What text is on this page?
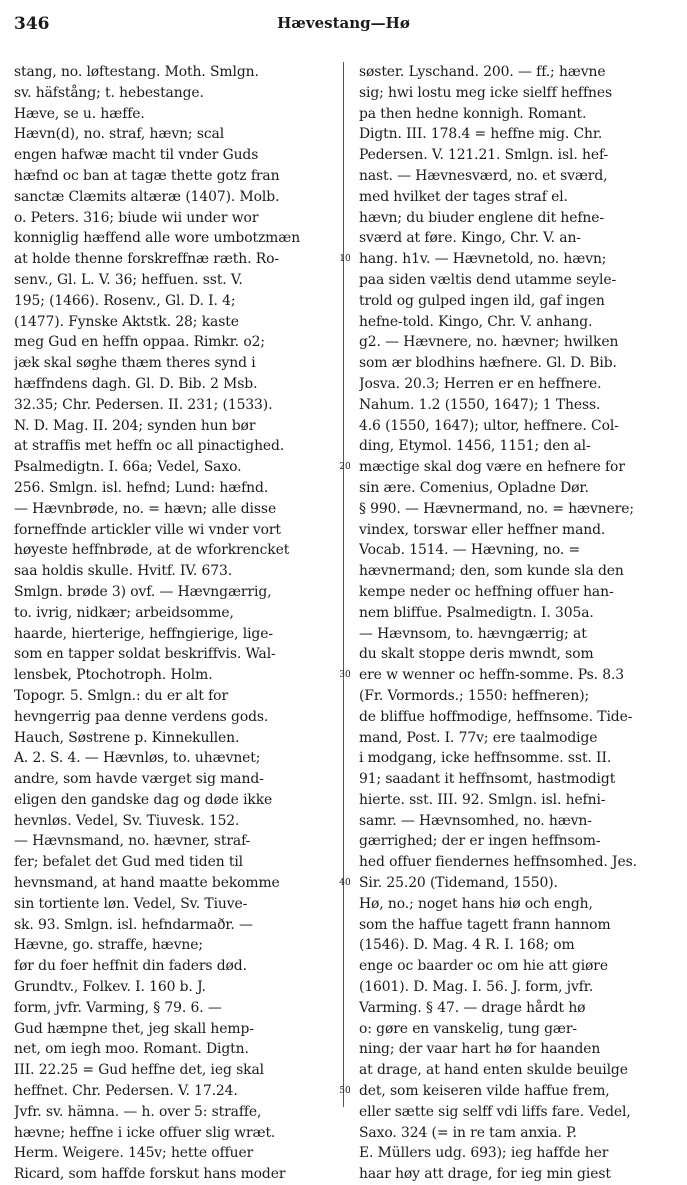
346	Hævestang—Hø
stang, no. løftestang. Moth. Smlgn.
sv. häfstång; t. hebestange.
Hæve, se u. hæffe.
Hævn(d), no. straf, hævn; scal
engen hafwæ macht til vnder Guds
hæfnd oc ban at tagæ thette gotz fran
sanctæ Clæmits altæræ (1407). Molb.
o. Peters. 316; biude wii under wor
konniglig hæffend alle wore umbotzmæn
at holde thenne forskreffnæ ræth. Ro-
senv., Gl. L. V. 36; heffuen. sst. V.
195; (1466). Rosenv., Gl. D. I. 4;
(1477). Fynske Aktstk. 28; kaste
meg Gud en heffn oppaa. Rimkr. o2;
jæk skal søghe thæm theres synd i
hæffndens dagh. Gl. D. Bib. 2 Msb.
32.35; Chr. Pedersen. II. 231; (1533).
N. D. Mag. II. 204; synden hun bør
at straffis met heffn oc all pinactighed.
Psalmedigtn. I. 66a; Vedel, Saxo.
256. Smlgn. isl. hefnd; Lund: hæfnd.
— Hævnbrøde, no. = hævn; alle disse
forneffnde artickler ville wi vnder vort
høyeste heffnbrøde, at de wforkrencket
saa holdis skulle. Hvitf. IV. 673.
Smlgn. brøde 3) ovf. — Hævngærrig,
to. ivrig, nidkær; arbeidsomme,
haarde, hierterige, heffngierige, lige-
som en tapper soldat beskriffvis. Wal-
lensbek, Ptochotroph. Holm.
Topogr. 5. Smlgn.: du er alt for
hevngerrig paa denne verdens gods.
Hauch, Søstrene p. Kinnekullen.
A. 2. S. 4. — Hævnløs, to. uhævnet;
andre, som havde værget sig mand-
eligen den gandske dag og døde ikke
hevnløs. Vedel, Sv. Tiuvesk. 152.
— Hævnsmand, no. hævner, straf-
fer; befalet det Gud med tiden til
hevnsmand, at hand maatte bekomme
sin tortiente løn. Vedel, Sv. Tiuve-
sk. 93. Smlgn. isl. hefndarmaðr. —
Hævne, go. straffe, hævne;
før du foer heffnit din faders død.
Grundtv., Folkev. I. 160 b. J.
form, jvfr. Varming, § 79. 6. —
Gud hæmpne thet, jeg skall hemp-
net, om iegh moo. Romant. Digtn.
III. 22.25 = Gud heffne det, ieg skal
heffnet. Chr. Pedersen. V. 17.24.
Jvfr. sv. hämna. — h. over 5: straffe,
hævne; heffne i icke offuer slig wræt.
Herm. Weigere. 145v; hette offuer
Ricard, som haffde forskut hans moder
søster. Lyschand. 200. — ff.; hævne
sig; hwi lostu meg icke sielff heffnes
pa then hedne konnigh. Romant.
Digtn. III. 178.4 = heffne mig. Chr.
Pedersen. V. 121.21. Smlgn. isl. hef-
nast. — Hævnesværd, no. et sværd,
med hvilket der tages straf el.
hævn; du biuder englene dit hefne-
sværd at føre. Kingo, Chr. V. an-
hang. h1v. — Hævnetold, no. hævn;
paa siden væltis dend utamme seyle-
trold og gulped ingen ild, gaf ingen
hefne-told. Kingo, Chr. V. anhang.
g2. — Hævnere, no. hævner; hwilken
som ær blodhins hæfnere. Gl. D. Bib.
Josva. 20.3; Herren er en heffnere.
Nahum. 1.2 (1550, 1647); 1 Thess.
4.6 (1550, 1647); ultor, heffnere. Col-
ding, Etymol. 1456, 1151; den al-
mæctige skal dog være en hefnere for
sin ære. Comenius, Opladne Dør.
§ 990. — Hævnermand, no. = hævnere;
vindex, torswar eller heffner mand.
Vocab. 1514. — Hævning, no. =
hævnermand; den, som kunde sla den
kempe neder oc heffning offuer han-
nem bliffue. Psalmedigtn. I. 305a.
— Hævnsom, to. hævngærrig; at
du skalt stoppe deris mwndt, som
ere w wenner oc heffn-somme. Ps. 8.3
(Fr. Vormords.; 1550: heffneren);
de bliffue hoffmodige, heffnsome. Tide-
mand, Post. I. 77v; ere taalmodige
i modgang, icke heffnsomme. sst. II.
91; saadant it heffnsomt, hastmodigt
hierte. sst. III. 92. Smlgn. isl. hefni-
samr. — Hævnsomhed, no. hævn-
gærrighed; der er ingen heffnsom-
hed offuer fiendernes heffnsomhed. Jes.
Sir. 25.20 (Tidemand, 1550).
Hø, no.; noget hans hiø och engh,
som the haffue tagett frann hannom
(1546). D. Mag. 4 R. I. 168; om
enge oc baarder oc om hie att giøre
(1601). D. Mag. I. 56. J. form, jvfr.
Varming. § 47. — drage hårdt hø
o: gøre en vanskelig, tung gær-
ning; der vaar hart hø for haanden
at drage, at hand enten skulde beuilge
det, som keiseren vilde haffue frem,
eller sætte sig selff vdi liffs fare. Vedel,
Saxo. 324 (= in re tam anxia. P.
E. Müllers udg. 693); ieg haffde her
haar høy att drage, for ieg min giest
10
20
30
40
50
